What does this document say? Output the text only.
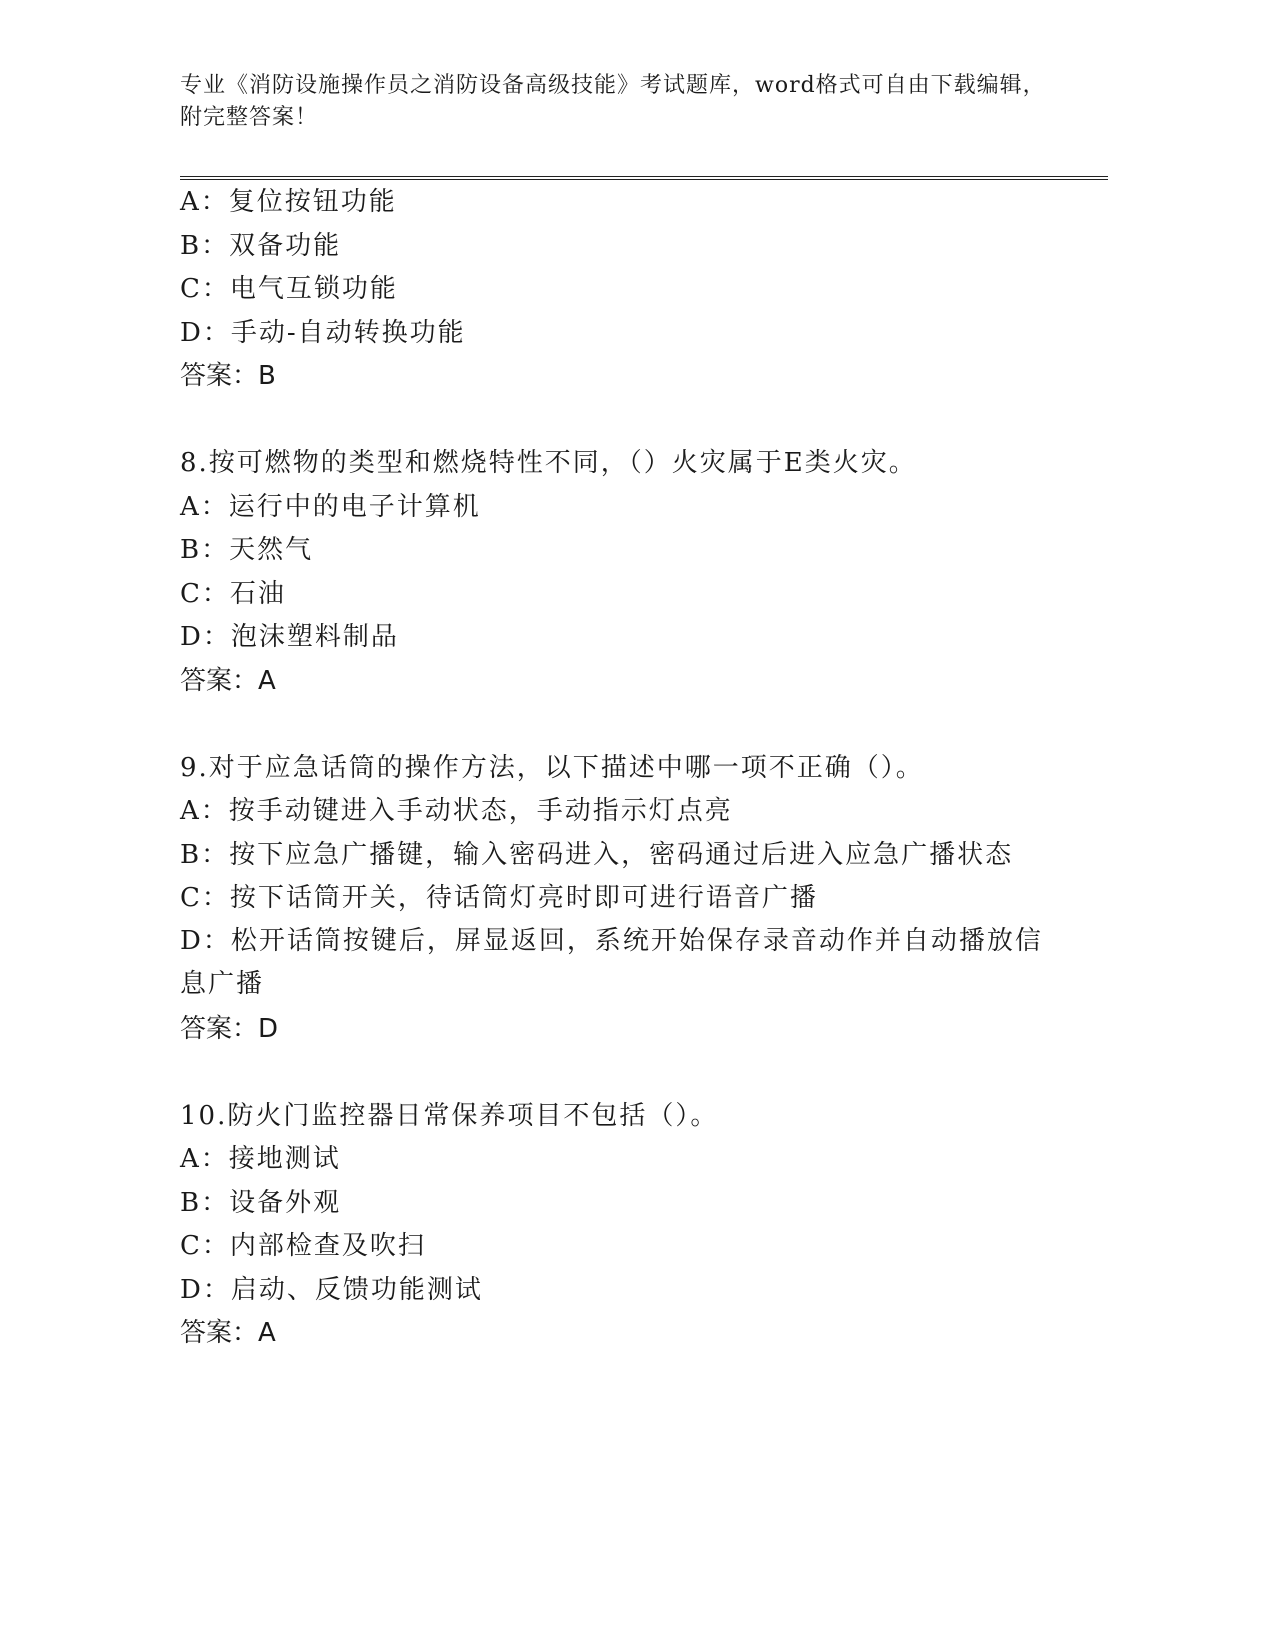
专业《消防设施操作员之消防设备高级技能》考试题库，word格式可自由下载编辑，附完整答案！

A：复位按钮功能
B：双备功能
C：电气互锁功能
D：手动-自动转换功能
答案：B
8.按可燃物的类型和燃烧特性不同，（）火灾属于E类火灾。
A：运行中的电子计算机
B：天然气
C：石油
D：泡沫塑料制品
答案：A
9.对于应急话筒的操作方法，以下描述中哪一项不正确（）。
A：按手动键进入手动状态，手动指示灯点亮
B：按下应急广播键，输入密码进入，密码通过后进入应急广播状态
C：按下话筒开关，待话筒灯亮时即可进行语音广播
D：松开话筒按键后，屏显返回，系统开始保存录音动作并自动播放信息广播
答案：D
10.防火门监控器日常保养项目不包括（）。
A：接地测试
B：设备外观
C：内部检查及吹扫
D：启动、反馈功能测试
答案：A
